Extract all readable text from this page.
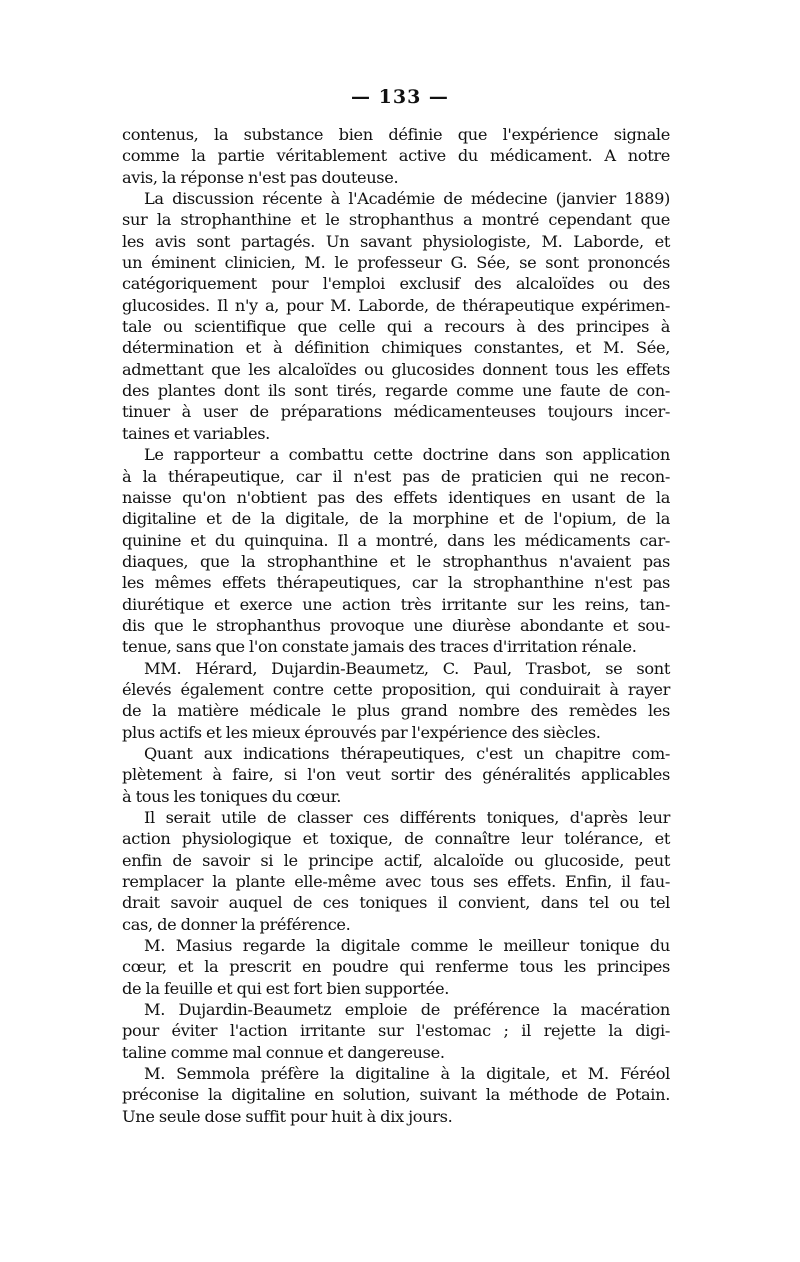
— 133 —
contenus, la substance bien définie que l'expérience signale
comme la partie véritablement active du médicament. A notre
avis, la réponse n'est pas douteuse.
La discussion récente à l'Académie de médecine (janvier 1889)
sur la strophanthine et le strophanthus a montré cependant que
les avis sont partagés. Un savant physiologiste, M. Laborde, et
un éminent clinicien, M. le professeur G. Sée, se sont prononcés
catégoriquement pour l'emploi exclusif des alcaloïdes ou des
glucosides. Il n'y a, pour M. Laborde, de thérapeutique expérimen-
tale ou scientifique que celle qui a recours à des principes à
détermination et à définition chimiques constantes, et M. Sée,
admettant que les alcaloïdes ou glucosides donnent tous les effets
des plantes dont ils sont tirés, regarde comme une faute de con-
tinuer à user de préparations médicamenteuses toujours incer-
taines et variables.
Le rapporteur a combattu cette doctrine dans son application
à la thérapeutique, car il n'est pas de praticien qui ne recon-
naisse qu'on n'obtient pas des effets identiques en usant de la
digitaline et de la digitale, de la morphine et de l'opium, de la
quinine et du quinquina. Il a montré, dans les médicaments car-
diaques, que la strophanthine et le strophanthus n'avaient pas
les mêmes effets thérapeutiques, car la strophanthine n'est pas
diurétique et exerce une action très irritante sur les reins, tan-
dis que le strophanthus provoque une diurèse abondante et sou-
tenue, sans que l'on constate jamais des traces d'irritation rénale.
MM. Hérard, Dujardin-Beaumetz, C. Paul, Trasbot, se sont
élevés également contre cette proposition, qui conduirait à rayer
de la matière médicale le plus grand nombre des remèdes les
plus actifs et les mieux éprouvés par l'expérience des siècles.
Quant aux indications thérapeutiques, c'est un chapitre com-
plètement à faire, si l'on veut sortir des généralités applicables
à tous les toniques du cœur.
Il serait utile de classer ces différents toniques, d'après leur
action physiologique et toxique, de connaître leur tolérance, et
enfin de savoir si le principe actif, alcaloïde ou glucoside, peut
remplacer la plante elle-même avec tous ses effets. Enfin, il fau-
drait savoir auquel de ces toniques il convient, dans tel ou tel
cas, de donner la préférence.
M. Masius regarde la digitale comme le meilleur tonique du
cœur, et la prescrit en poudre qui renferme tous les principes
de la feuille et qui est fort bien supportée.
M. Dujardin-Beaumetz emploie de préférence la macération
pour éviter l'action irritante sur l'estomac ; il rejette la digi-
taline comme mal connue et dangereuse.
M. Semmola préfère la digitaline à la digitale, et M. Féréol
préconise la digitaline en solution, suivant la méthode de Potain.
Une seule dose suffit pour huit à dix jours.
